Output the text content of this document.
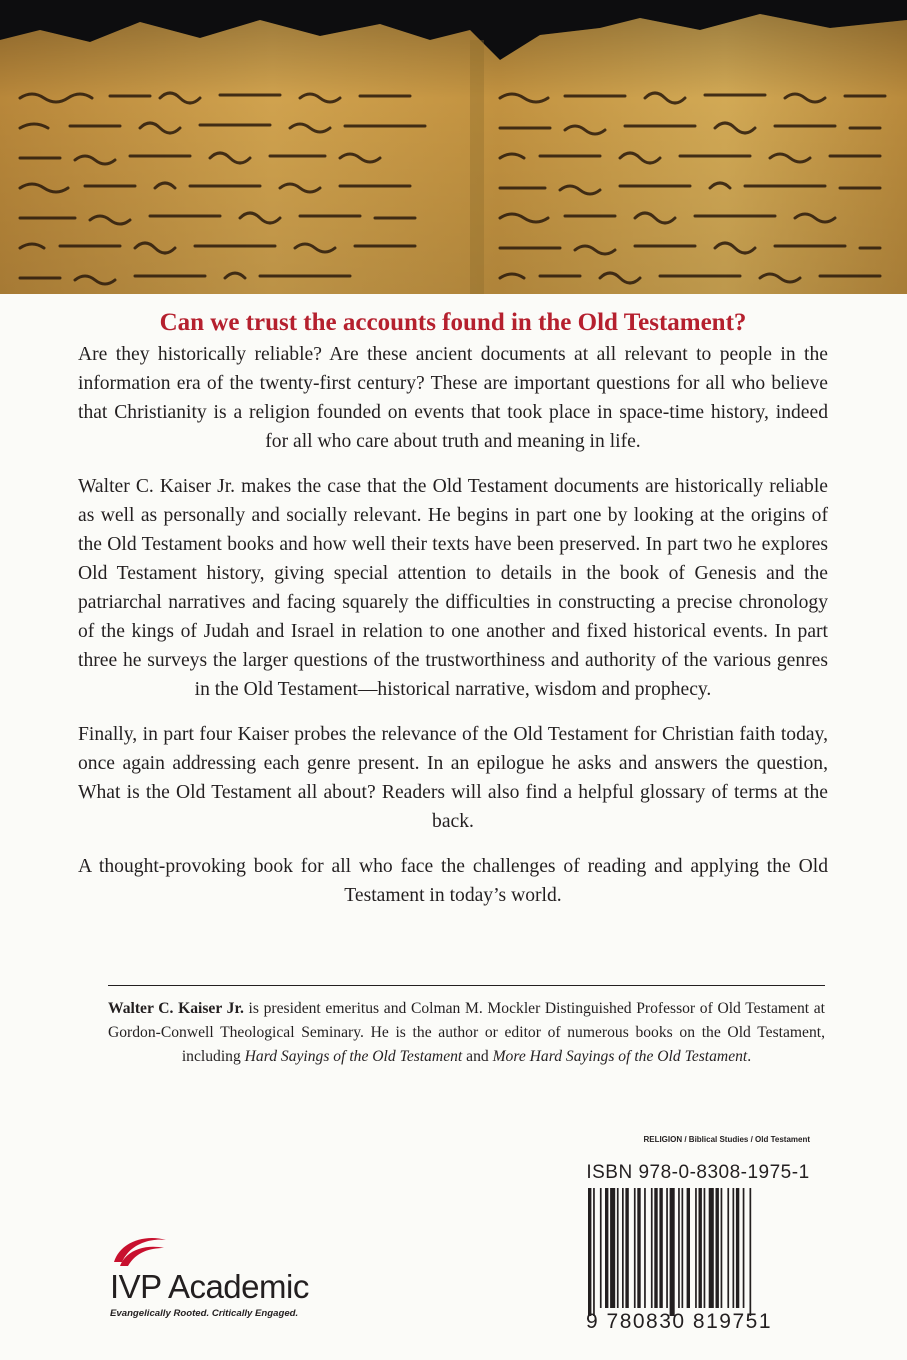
Can we trust the accounts found in the Old Testament?

Are they historically reliable? Are these ancient documents at all relevant to people in the information era of the twenty-first century? These are important questions for all who believe that Christianity is a religion founded on events that took place in space-time history, indeed for all who care about truth and meaning in life.

Walter C. Kaiser Jr. makes the case that the Old Testament documents are historically reliable as well as personally and socially relevant. He begins in part one by looking at the origins of the Old Testament books and how well their texts have been preserved. In part two he explores Old Testament history, giving special attention to details in the book of Genesis and the patriarchal narratives and facing squarely the difficulties in constructing a precise chronology of the kings of Judah and Israel in relation to one another and fixed historical events. In part three he surveys the larger questions of the trustworthiness and authority of the various genres in the Old Testament—historical narrative, wisdom and prophecy.

Finally, in part four Kaiser probes the relevance of the Old Testament for Christian faith today, once again addressing each genre present. In an epilogue he asks and answers the question, What is the Old Testament all about? Readers will also find a helpful glossary of terms at the back.

A thought-provoking book for all who face the challenges of reading and applying the Old Testament in today’s world.

Walter C. Kaiser Jr. is president emeritus and Colman M. Mockler Distinguished Professor of Old Testament at Gordon-Conwell Theological Seminary. He is the author or editor of numerous books on the Old Testament, including Hard Sayings of the Old Testament and More Hard Sayings of the Old Testament.
RELIGION / Biblical Studies / Old Testament
ISBN 978-0-8308-1975-1
9 780830 819751
IVP Academic
Evangelically Rooted. Critically Engaged.
